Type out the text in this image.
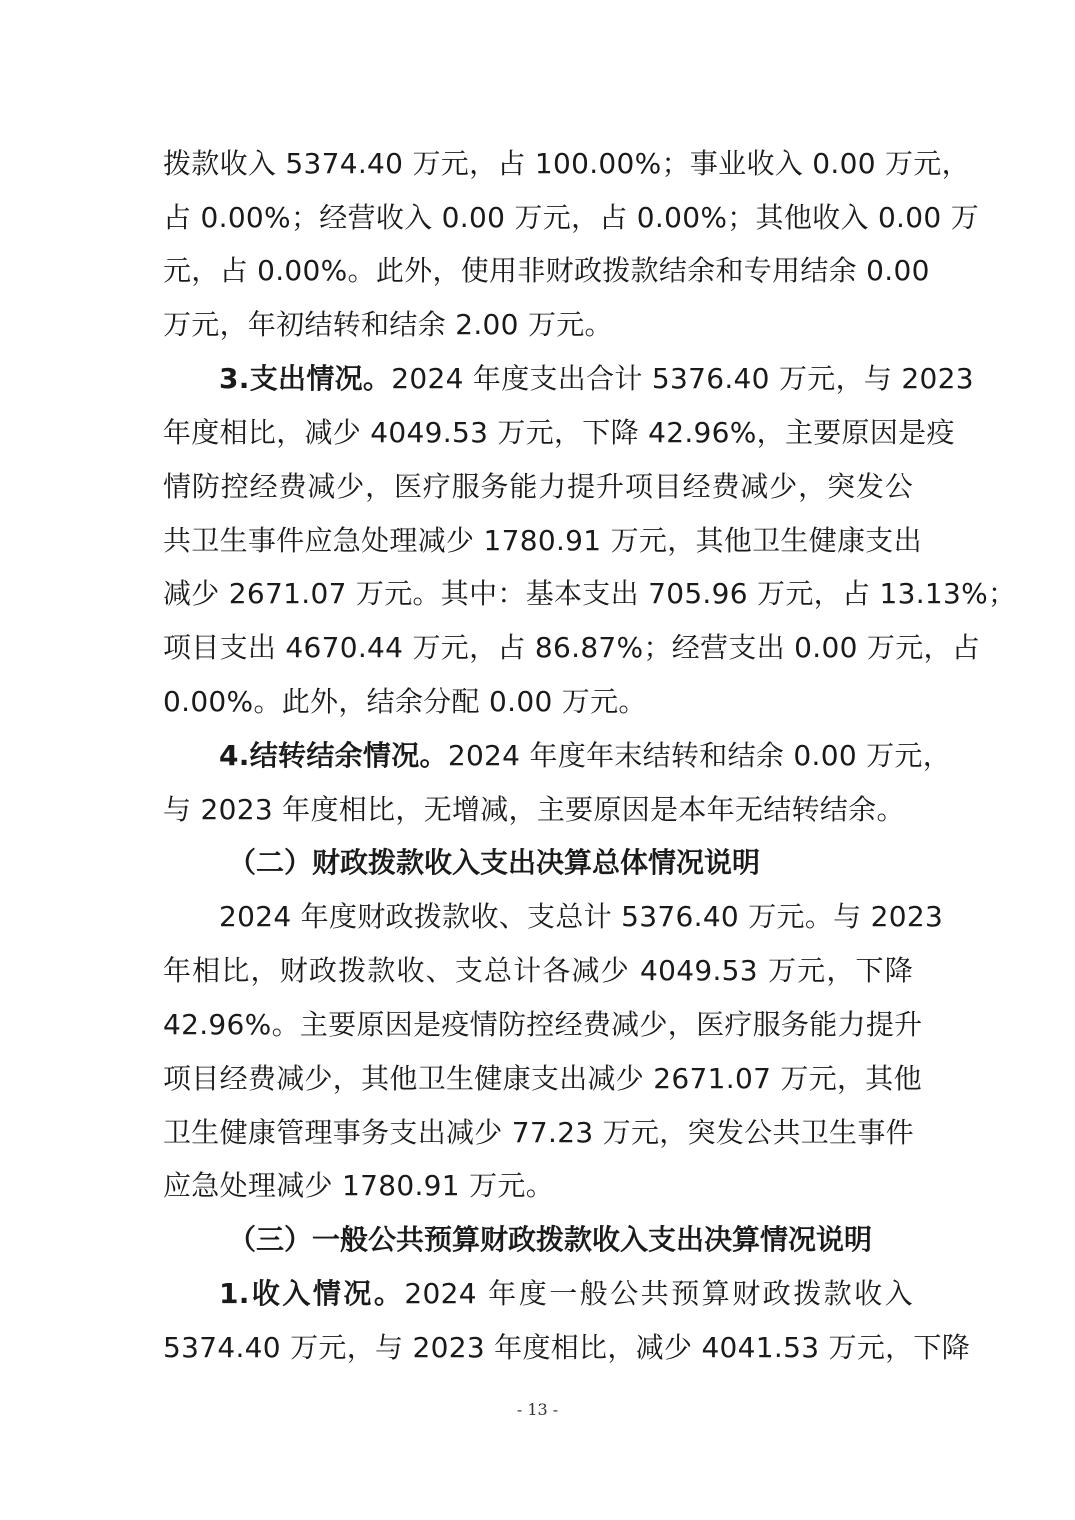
拨款收入 5374.40 万元，占 100.00%；事业收入 0.00 万元，
占 0.00%；经营收入 0.00 万元，占 0.00%；其他收入 0.00 万
元，占 0.00%。此外，使用非财政拨款结余和专用结余 0.00
万元，年初结转和结余 2.00 万元。
3.支出情况。2024 年度支出合计 5376.40 万元，与 2023
年度相比，减少 4049.53 万元，下降 42.96%，主要原因是疫
情防控经费减少，医疗服务能力提升项目经费减少，突发公
共卫生事件应急处理减少 1780.91 万元，其他卫生健康支出
减少 2671.07 万元。其中：基本支出 705.96 万元，占 13.13%；
项目支出 4670.44 万元，占 86.87%；经营支出 0.00 万元，占
0.00%。此外，结余分配 0.00 万元。
4.结转结余情况。2024 年度年末结转和结余 0.00 万元，
与 2023 年度相比，无增减，主要原因是本年无结转结余。
（二）财政拨款收入支出决算总体情况说明
2024 年度财政拨款收、支总计 5376.40 万元。与 2023
年相比，财政拨款收、支总计各减少 4049.53 万元，下降
42.96%。主要原因是疫情防控经费减少，医疗服务能力提升
项目经费减少，其他卫生健康支出减少 2671.07 万元，其他
卫生健康管理事务支出减少 77.23 万元，突发公共卫生事件
应急处理减少 1780.91 万元。
（三）一般公共预算财政拨款收入支出决算情况说明
1.收入情况。2024 年度一般公共预算财政拨款收入
5374.40 万元，与 2023 年度相比，减少 4041.53 万元，下降
- 13 -
